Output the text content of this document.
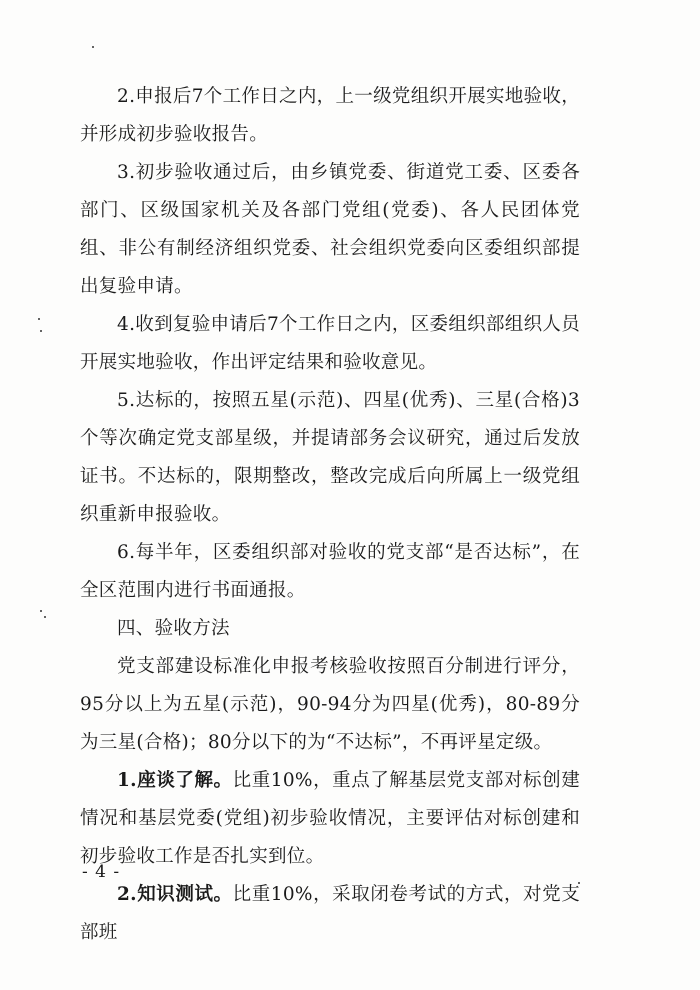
2.申报后7个工作日之内，上一级党组织开展实地验收，并形成初步验收报告。

3.初步验收通过后，由乡镇党委、街道党工委、区委各部门、区级国家机关及各部门党组(党委)、各人民团体党组、非公有制经济组织党委、社会组织党委向区委组织部提出复验申请。

4.收到复验申请后7个工作日之内，区委组织部组织人员开展实地验收，作出评定结果和验收意见。

5.达标的，按照五星(示范)、四星(优秀)、三星(合格)3个等次确定党支部星级，并提请部务会议研究，通过后发放证书。不达标的，限期整改，整改完成后向所属上一级党组织重新申报验收。

6.每半年，区委组织部对验收的党支部“是否达标”，在全区范围内进行书面通报。

四、验收方法

党支部建设标准化申报考核验收按照百分制进行评分，95分以上为五星(示范)，90-94分为四星(优秀)，80-89分为三星(合格)；80分以下的为“不达标”，不再评星定级。

1.座谈了解。比重10%，重点了解基层党支部对标创建情况和基层党委(党组)初步验收情况，主要评估对标创建和初步验收工作是否扎实到位。

2.知识测试。比重10%，采取闭卷考试的方式，对党支部班

- 4 -
